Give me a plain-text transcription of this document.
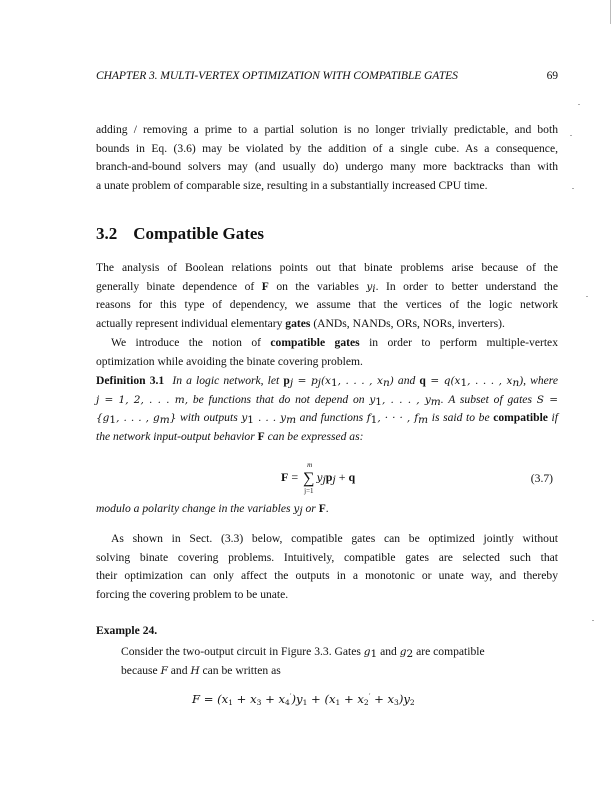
CHAPTER 3. MULTI-VERTEX OPTIMIZATION WITH COMPATIBLE GATES	69
adding / removing a prime to a partial solution is no longer trivially predictable, and both
bounds in Eq. (3.6) may be violated by the addition of a single cube. As a consequence,
branch-and-bound solvers may (and usually do) undergo many more backtracks than with
a unate problem of comparable size, resulting in a substantially increased CPU time.
3.2 Compatible Gates
The analysis of Boolean relations points out that binate problems arise because of the
generally binate dependence of F on the variables $y_i$. In order to better understand the
reasons for this type of dependency, we assume that the vertices of the logic network
actually represent individual elementary gates (ANDs, NANDs, ORs, NORs, inverters).
We introduce the notion of compatible gates in order to perform multiple-vertex
optimization while avoiding the binate covering problem.
Definition 3.1 In a logic network, let $p_j = p_j(x_1$, . . . , $x_n$) and $q = q(x_1$, . . . , $x_n$), where
j = 1, 2, . . . m, be functions that do not depend on $y_1$, . . . , $y_m$. A subset of gates S =
{$g_1$, . . . , $g_m$} with outputs $y_1$ . . . $y_m$ and functions $f_1$, · · · , $f_m$ is said to be compatible if
the network input-output behavior F can be expressed as:
F = ∑
m
j=1
$y_jp_j + q$	(3.7)
modulo a polarity change in the variables $y_j$ or F.
As shown in Sect. (3.3) below, compatible gates can be optimized jointly without
solving binate covering problems. Intuitively, compatible gates are selected such that
their optimization can only affect the outputs in a monotonic or unate way, and thereby
forcing the covering problem to be unate.
Example 24.
Consider the two-output circuit in Figure 3.3. Gates $g_1$ and $g_2$ are compatible
because F and H can be written as
$F = (x_1 + x_3 + x_4')y_1 + (x_1 + x_2' + x_3)y_2$
